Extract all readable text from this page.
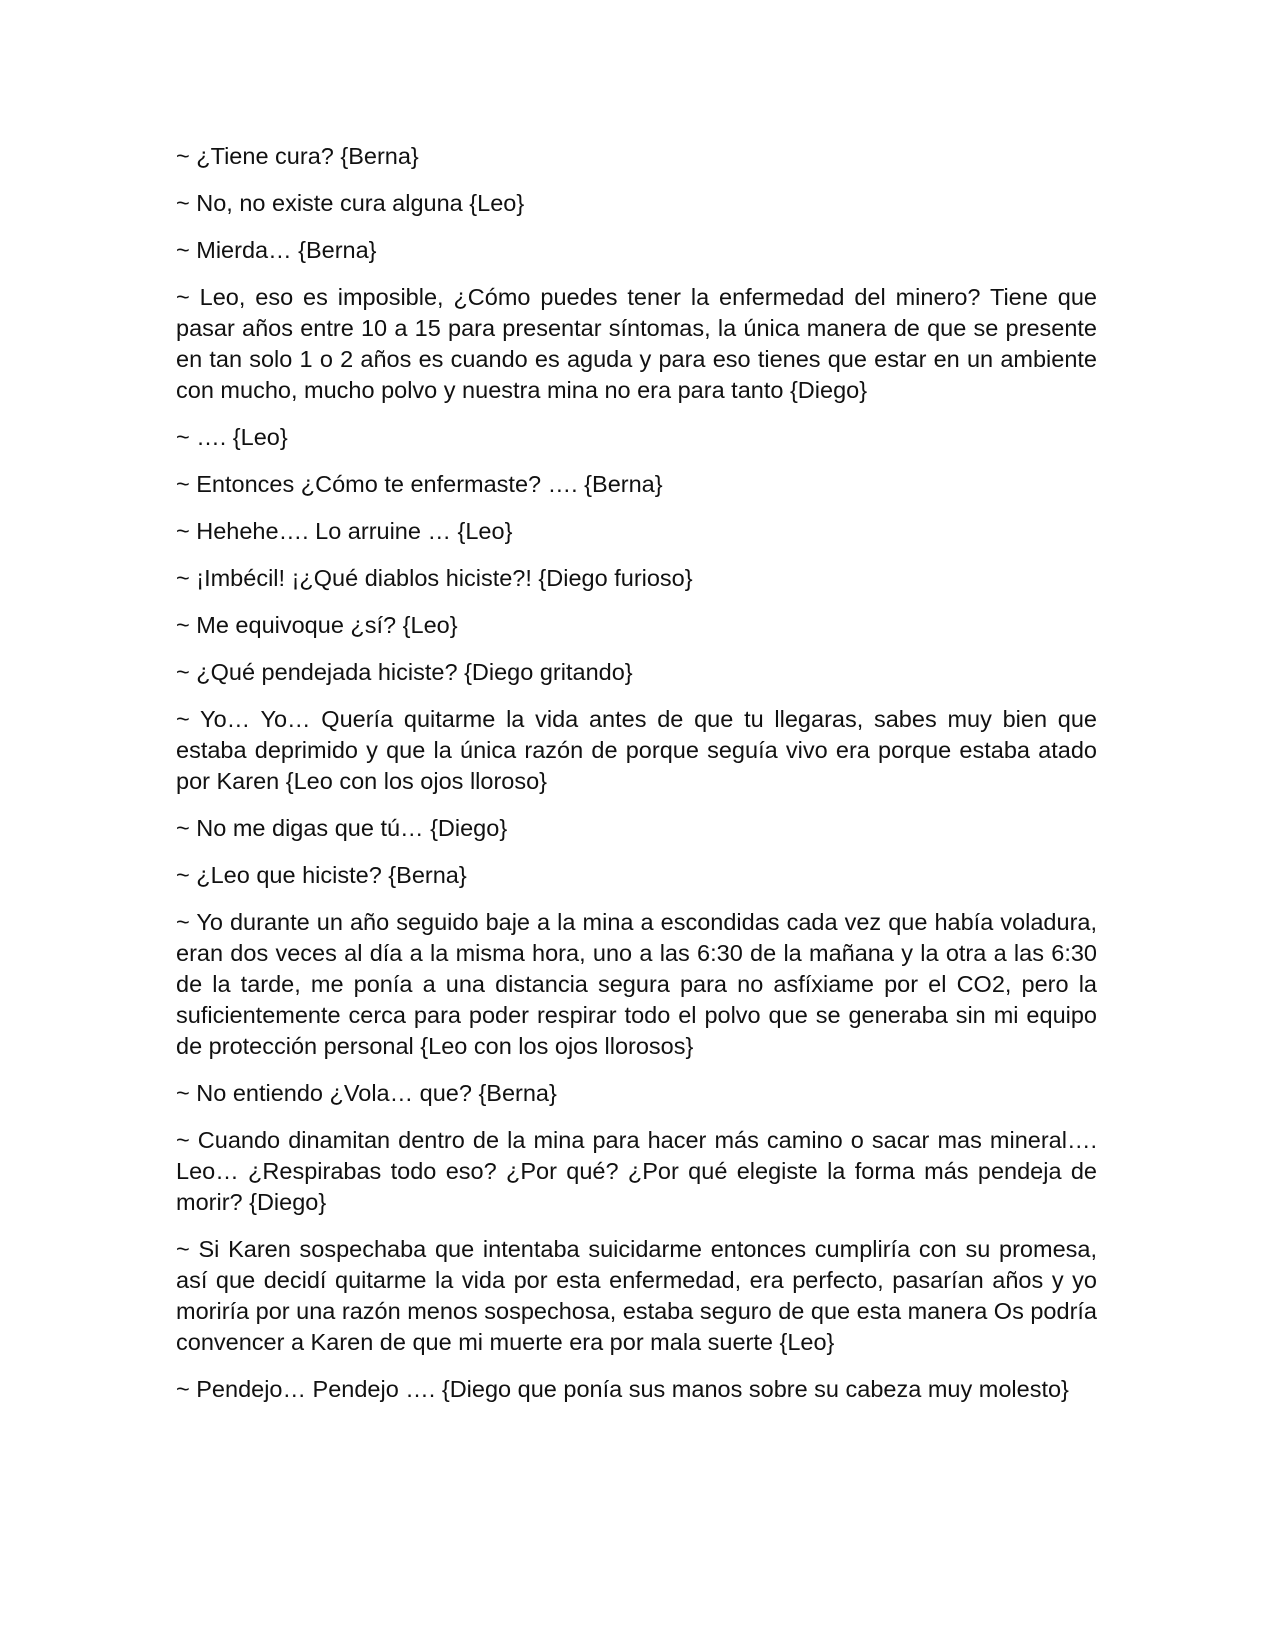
~ ¿Tiene cura? {Berna}

~ No, no existe cura alguna {Leo}

~ Mierda… {Berna}

~ Leo, eso es imposible, ¿Cómo puedes tener la enfermedad del minero? Tiene que pasar años entre 10 a 15 para presentar síntomas, la única manera de que se presente en tan solo 1 o 2 años es cuando es aguda y para eso tienes que estar en un ambiente con mucho, mucho polvo y nuestra mina no era para tanto {Diego}

~ …. {Leo}

~ Entonces ¿Cómo te enfermaste? …. {Berna}

~ Hehehe…. Lo arruine … {Leo}

~ ¡Imbécil! ¡¿Qué diablos hiciste?! {Diego furioso}

~ Me equivoque ¿sí? {Leo}

~ ¿Qué pendejada hiciste? {Diego gritando}

~ Yo… Yo… Quería quitarme la vida antes de que tu llegaras, sabes muy bien que estaba deprimido y que la única razón de porque seguía vivo era porque estaba atado por Karen {Leo con los ojos lloroso}

~ No me digas que tú… {Diego}

~ ¿Leo que hiciste? {Berna}

~ Yo durante un año seguido baje a la mina a escondidas cada vez que había voladura, eran dos veces al día a la misma hora, uno a las 6:30 de la mañana y la otra a las 6:30 de la tarde, me ponía a una distancia segura para no asfíxiame por el CO2, pero la suficientemente cerca para poder respirar todo el polvo que se generaba sin mi equipo de protección personal {Leo con los ojos llorosos}

~ No entiendo ¿Vola… que? {Berna}

~ Cuando dinamitan dentro de la mina para hacer más camino o sacar mas mineral…. Leo… ¿Respirabas todo eso? ¿Por qué? ¿Por qué elegiste la forma más pendeja de morir? {Diego}

~ Si Karen sospechaba que intentaba suicidarme entonces cumpliría con su promesa, así que decidí quitarme la vida por esta enfermedad, era perfecto, pasarían años y yo moriría por una razón menos sospechosa, estaba seguro de que esta manera Os podría convencer a Karen de que mi muerte era por mala suerte {Leo}

~ Pendejo… Pendejo …. {Diego que ponía sus manos sobre su cabeza muy molesto}
